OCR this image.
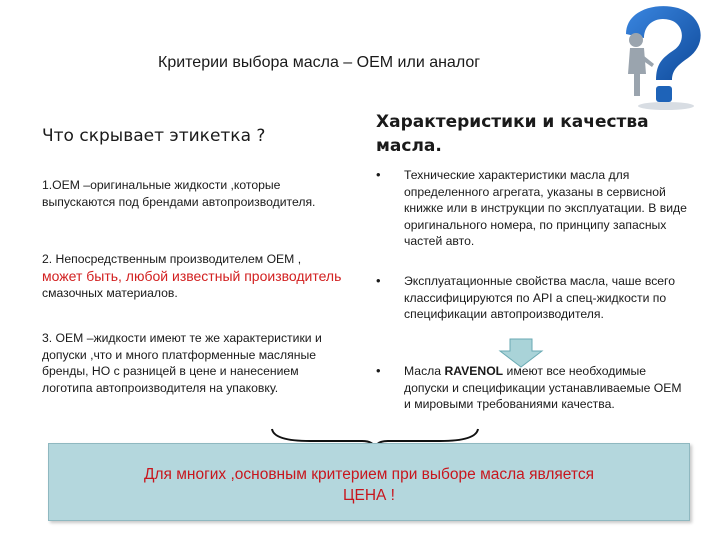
Критерии выбора масла – ОЕМ или аналог
Что скрывает этикетка ?
1.ОЕМ –оригинальные жидкости ,которые выпускаются под брендами автопроизводителя.
2. Непосредственным производителем ОЕМ ,
может быть, любой известный производитель смазочных материалов.
3. ОЕМ –жидкости имеют те же характеристики и допуски ,что и много платформенные масляные бренды, НО с разницей в цене и нанесением логотипа автопроизводителя на упаковку.
Характеристики и качества масла.
• Технические характеристики масла для определенного агрегата, указаны в сервисной книжке или в инструкции по эксплуатации. В виде оригинального номера, по принципу запасных частей авто.
• Эксплуатационные свойства масла, чаше всего классифицируются по API а спец-жидкости по спецификации автопроизводителя.
• Масла RAVENOL имеют все необходимые допуски и спецификации устанавливаемые ОЕМ и мировыми требованиями качества.
Для многих ,основным критерием при выборе масла является
ЦЕНА !
